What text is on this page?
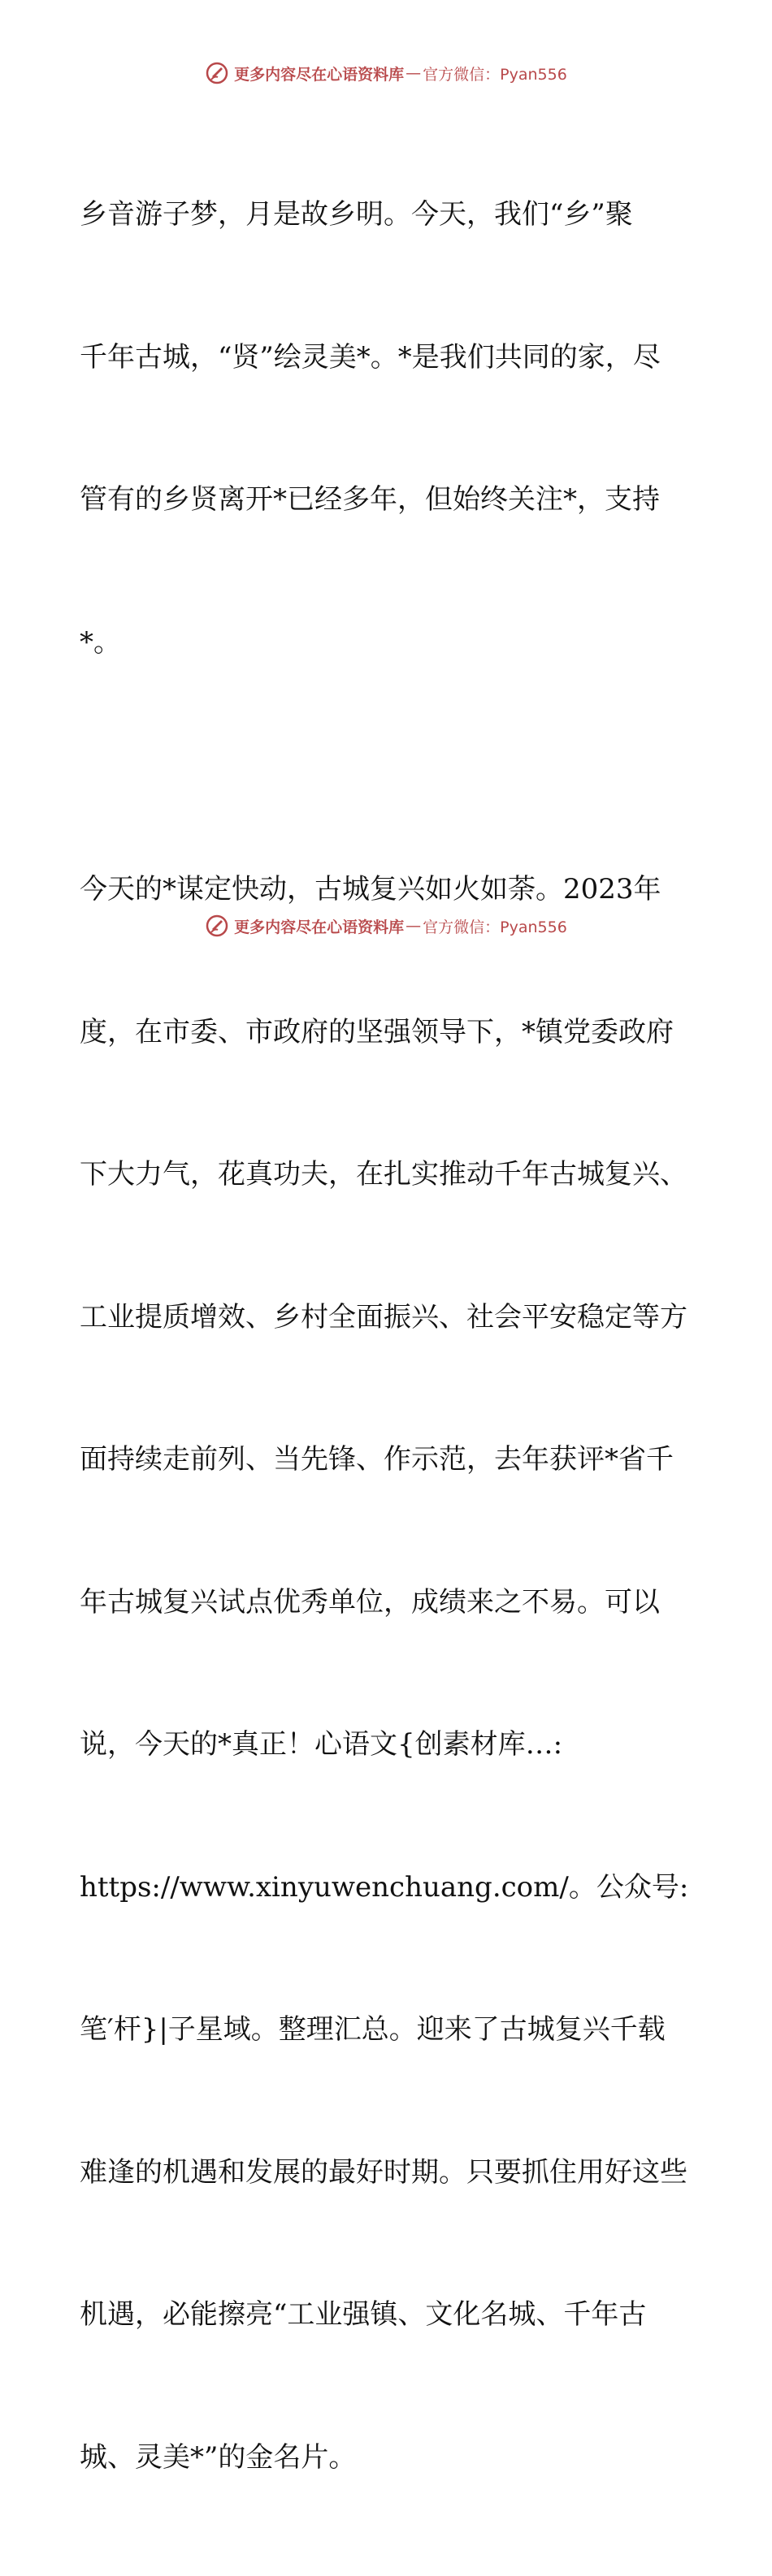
更多内容尽在心语资料库 — 官方微信：Pyan556

乡音游子梦，月是故乡明。今天，我们“乡”聚

千年古城，“贤”绘灵美*。*是我们共同的家，尽

管有的乡贤离开*已经多年，但始终关注*，支持

*。

今天的*谋定快动，古城复兴如火如荼。2023年

度，在市委、市政府的坚强领导下，*镇党委政府

下大力气，花真功夫，在扎实推动千年古城复兴、

工业提质增效、乡村全面振兴、社会平安稳定等方

面持续走前列、当先锋、作示范，去年获评*省千

年古城复兴试点优秀单位，成绩来之不易。可以

说，今天的*真正！心语文{创素材库…:

https://www.xinyuwenchuang.com/。公众号:

笔′杆}|子星域。整理汇总。迎来了古城复兴千载

难逢的机遇和发展的最好时期。只要抓住用好这些

机遇，必能擦亮“工业强镇、文化名城、千年古

城、灵美*”的金名片。

更多内容尽在心语资料库 — 官方微信：Pyan556
